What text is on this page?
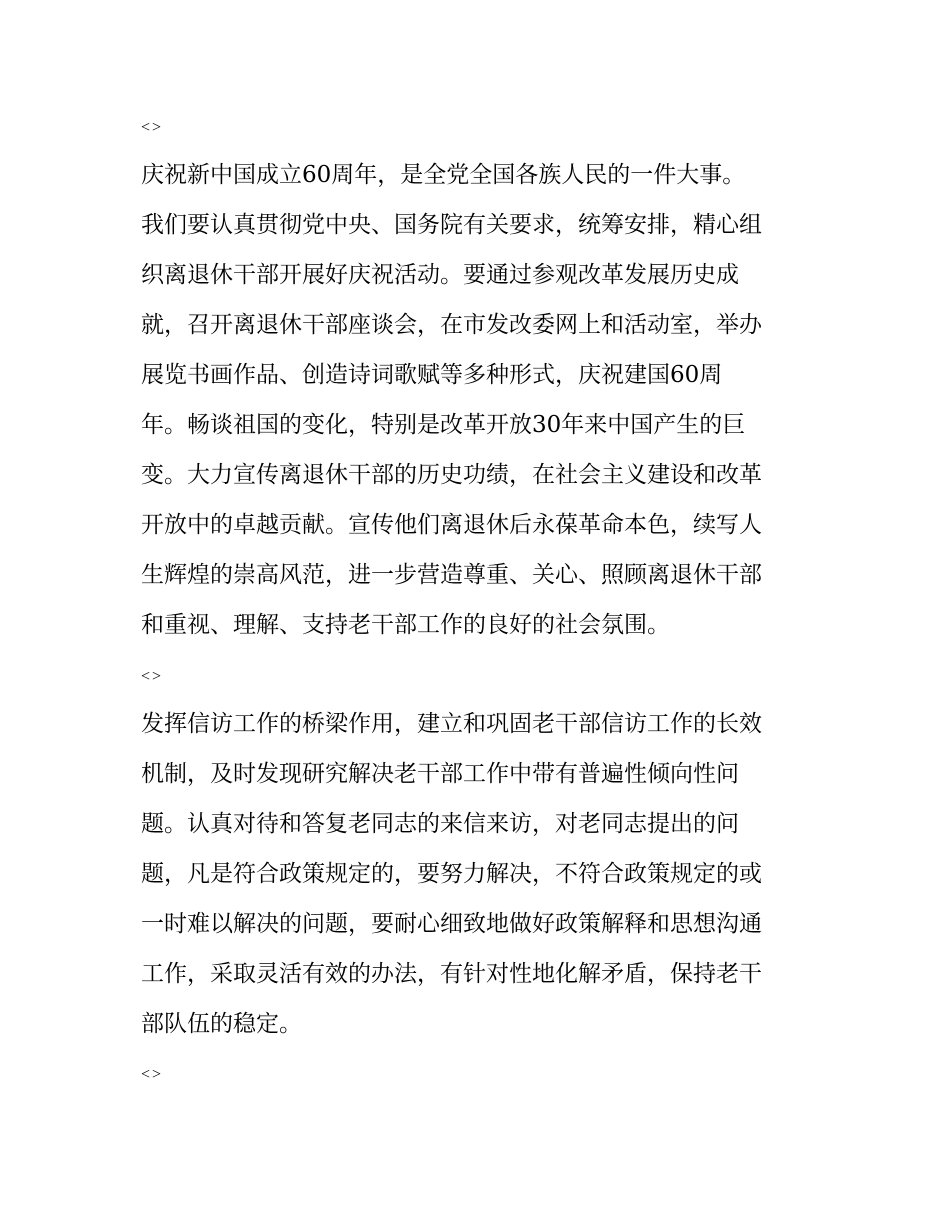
<>
庆祝新中国成立60周年，是全党全国各族人民的一件大事。
我们要认真贯彻党中央、国务院有关要求，统筹安排，精心组
织离退休干部开展好庆祝活动。要通过参观改革发展历史成
就，召开离退休干部座谈会，在市发改委网上和活动室，举办
展览书画作品、创造诗词歌赋等多种形式，庆祝建国60周
年。畅谈祖国的变化，特别是改革开放30年来中国产生的巨
变。大力宣传离退休干部的历史功绩，在社会主义建设和改革
开放中的卓越贡献。宣传他们离退休后永葆革命本色，续写人
生辉煌的崇高风范，进一步营造尊重、关心、照顾离退休干部
和重视、理解、支持老干部工作的良好的社会氛围。
<>
发挥信访工作的桥梁作用，建立和巩固老干部信访工作的长效
机制，及时发现研究解决老干部工作中带有普遍性倾向性问
题。认真对待和答复老同志的来信来访，对老同志提出的问
题，凡是符合政策规定的，要努力解决，不符合政策规定的或
一时难以解决的问题，要耐心细致地做好政策解释和思想沟通
工作，采取灵活有效的办法，有针对性地化解矛盾，保持老干
部队伍的稳定。
<>
